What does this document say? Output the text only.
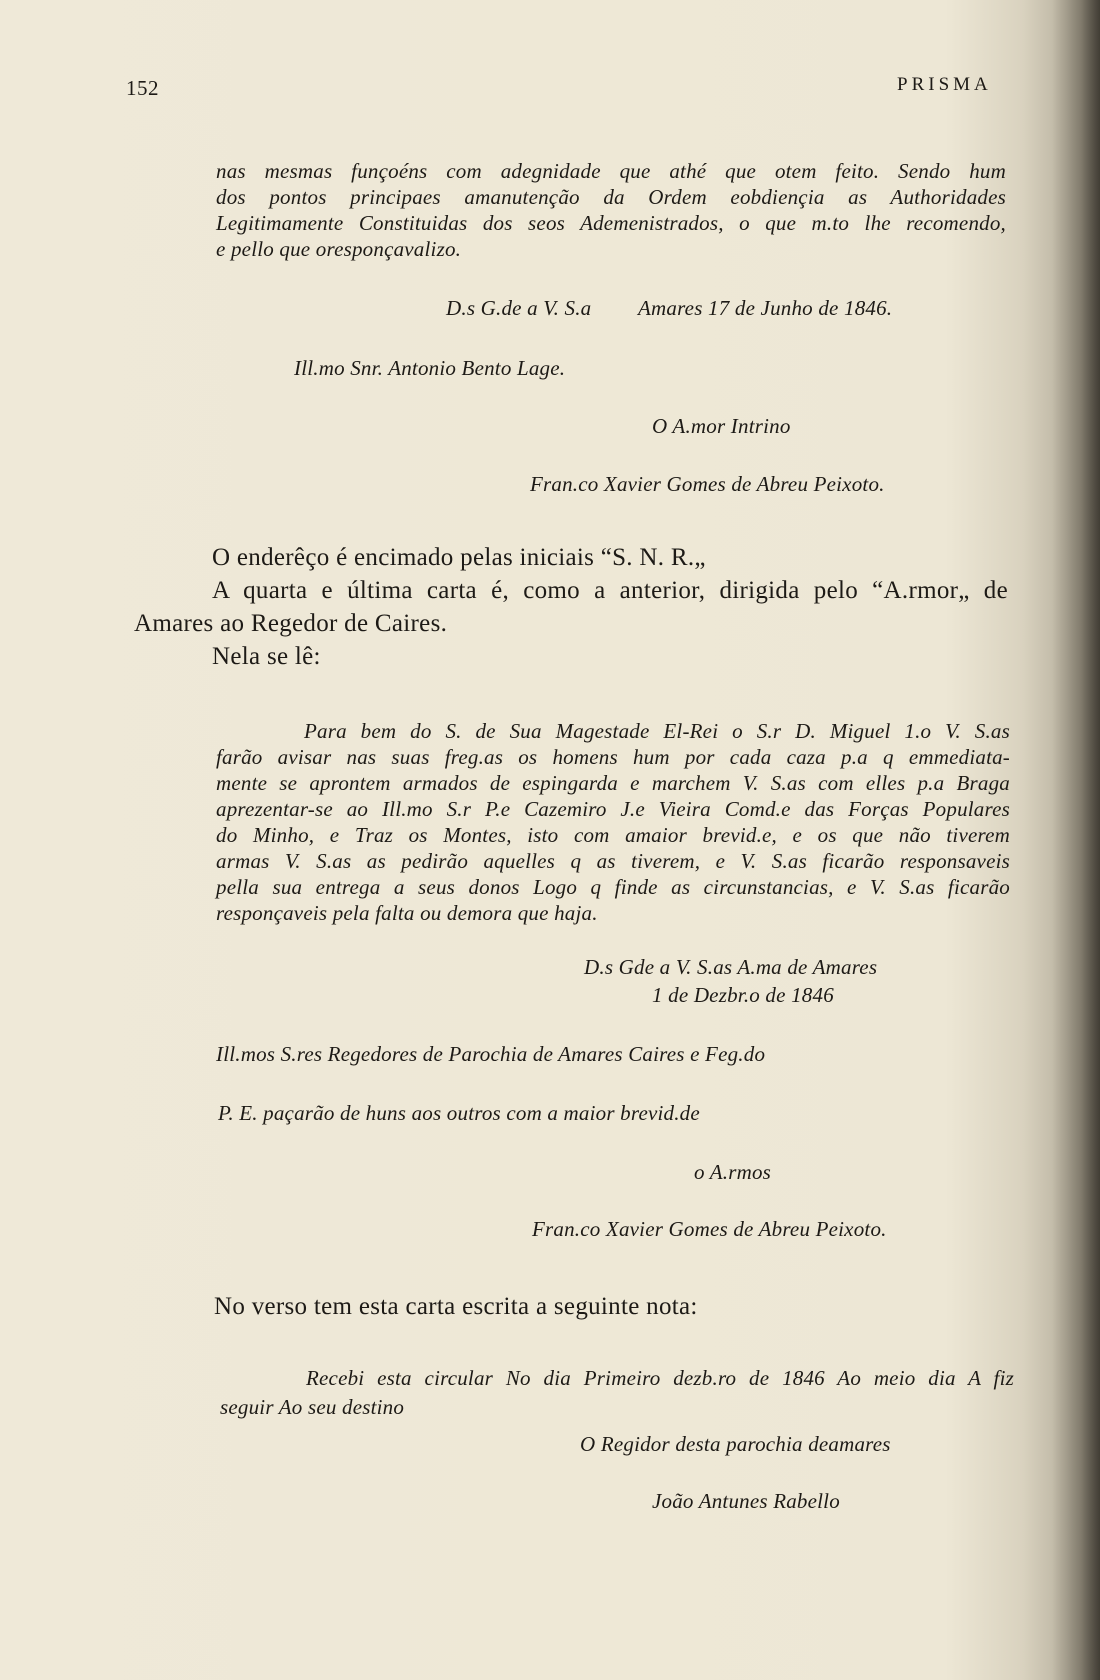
152	PRISMA

nas mesmas funçoéns com adegnidade que athé que otem feito. Sendo hum

dos pontos principaes amanutenção da Ordem eobdiençia as Authoridades

Legitimamente Constituidas dos seos Ademenistrados, o que m.to lhe recomendo,

e pello que oresponçavalizo.

D.s G.de a V. S.a Amares 17 de Junho de 1846.
Ill.mo Snr. Antonio Bento Lage.
O A.mor Intrino
Fran.co Xavier Gomes de Abreu Peixoto.
O enderêço é encimado pelas iniciais “S. N. R.„
A quarta e última carta é, como a anterior, dirigida pelo “A.rmor„ de
Amares ao Regedor de Caires.
Nela se lê:

Para bem do S. de Sua Magestade El-Rei o S.r D. Miguel 1.o V. S.as

farão avisar nas suas freg.as os homens hum por cada caza p.a q emmediata-

mente se aprontem armados de espingarda e marchem V. S.as com elles p.a Braga

aprezentar-se ao Ill.mo S.r P.e Cazemiro J.e Vieira Comd.e das Forças Populares

do Minho, e Traz os Montes, isto com amaior brevid.e, e os que não tiverem

armas V. S.as as pedirão aquelles q as tiverem, e V. S.as ficarão responsaveis

pella sua entrega a seus donos Logo q finde as circunstancias, e V. S.as ficarão

responçaveis pela falta ou demora que haja.

D.s Gde a V. S.as A.ma de Amares
1 de Dezbr.o de 1846
Ill.mos S.res Regedores de Parochia de Amares Caires e Feg.do
P. E. paçarão de huns aos outros com a maior brevid.de
o A.rmos
Fran.co Xavier Gomes de Abreu Peixoto.
No verso tem esta carta escrita a seguinte nota:
Recebi esta circular No dia Primeiro dezb.ro de 1846 Ao meio dia A fiz
seguir Ao seu destino
O Regidor desta parochia deamares
João Antunes Rabello
